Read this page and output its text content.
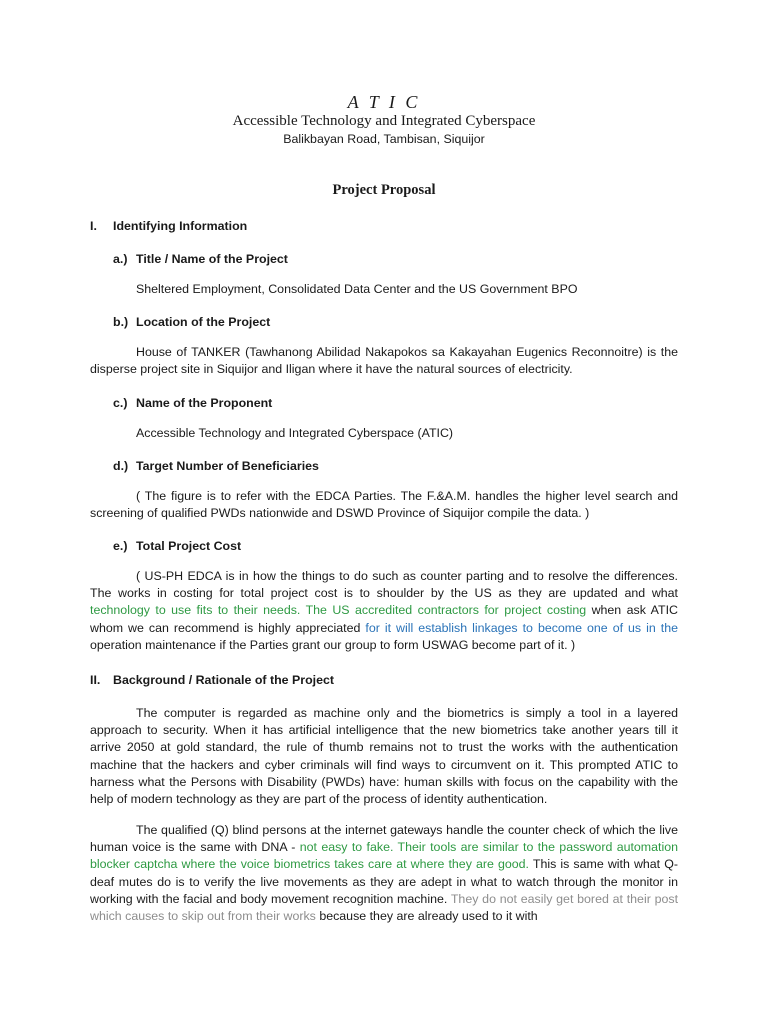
A T I C
Accessible Technology and Integrated Cyberspace
Balikbayan Road, Tambisan, Siquijor
Project Proposal
I. Identifying Information
a.) Title / Name of the Project
Sheltered Employment, Consolidated Data Center and the US Government BPO
b.) Location of the Project

House of TANKER (Tawhanong Abilidad Nakapokos sa Kakayahan Eugenics Reconnoitre) is the disperse project site in Siquijor and Iligan where it have the natural sources of electricity.

c.) Name of the Proponent
Accessible Technology and Integrated Cyberspace (ATIC)
d.) Target Number of Beneficiaries

( The figure is to refer with the EDCA Parties. The F.&A.M. handles the higher level search and screening of qualified PWDs nationwide and DSWD Province of Siquijor compile the data. )

e.) Total Project Cost

( US-PH EDCA is in how the things to do such as counter parting and to resolve the differences. The works in costing for total project cost is to shoulder by the US as they are updated and what technology to use fits to their needs. The US accredited contractors for project costing when ask ATIC whom we can recommend is highly appreciated for it will establish linkages to become one of us in the operation maintenance if the Parties grant our group to form USWAG become part of it. )

II. Background / Rationale of the Project

The computer is regarded as machine only and the biometrics is simply a tool in a layered approach to security. When it has artificial intelligence that the new biometrics take another years till it arrive 2050 at gold standard, the rule of thumb remains not to trust the works with the authentication machine that the hackers and cyber criminals will find ways to circumvent on it. This prompted ATIC to harness what the Persons with Disability (PWDs) have: human skills with focus on the capability with the help of modern technology as they are part of the process of identity authentication.

The qualified (Q) blind persons at the internet gateways handle the counter check of which the live human voice is the same with DNA - not easy to fake. Their tools are similar to the password automation blocker captcha where the voice biometrics takes care at where they are good. This is same with what Q-deaf mutes do is to verify the live movements as they are adept in what to watch through the monitor in working with the facial and body movement recognition machine. They do not easily get bored at their post which causes to skip out from their works because they are already used to it with
